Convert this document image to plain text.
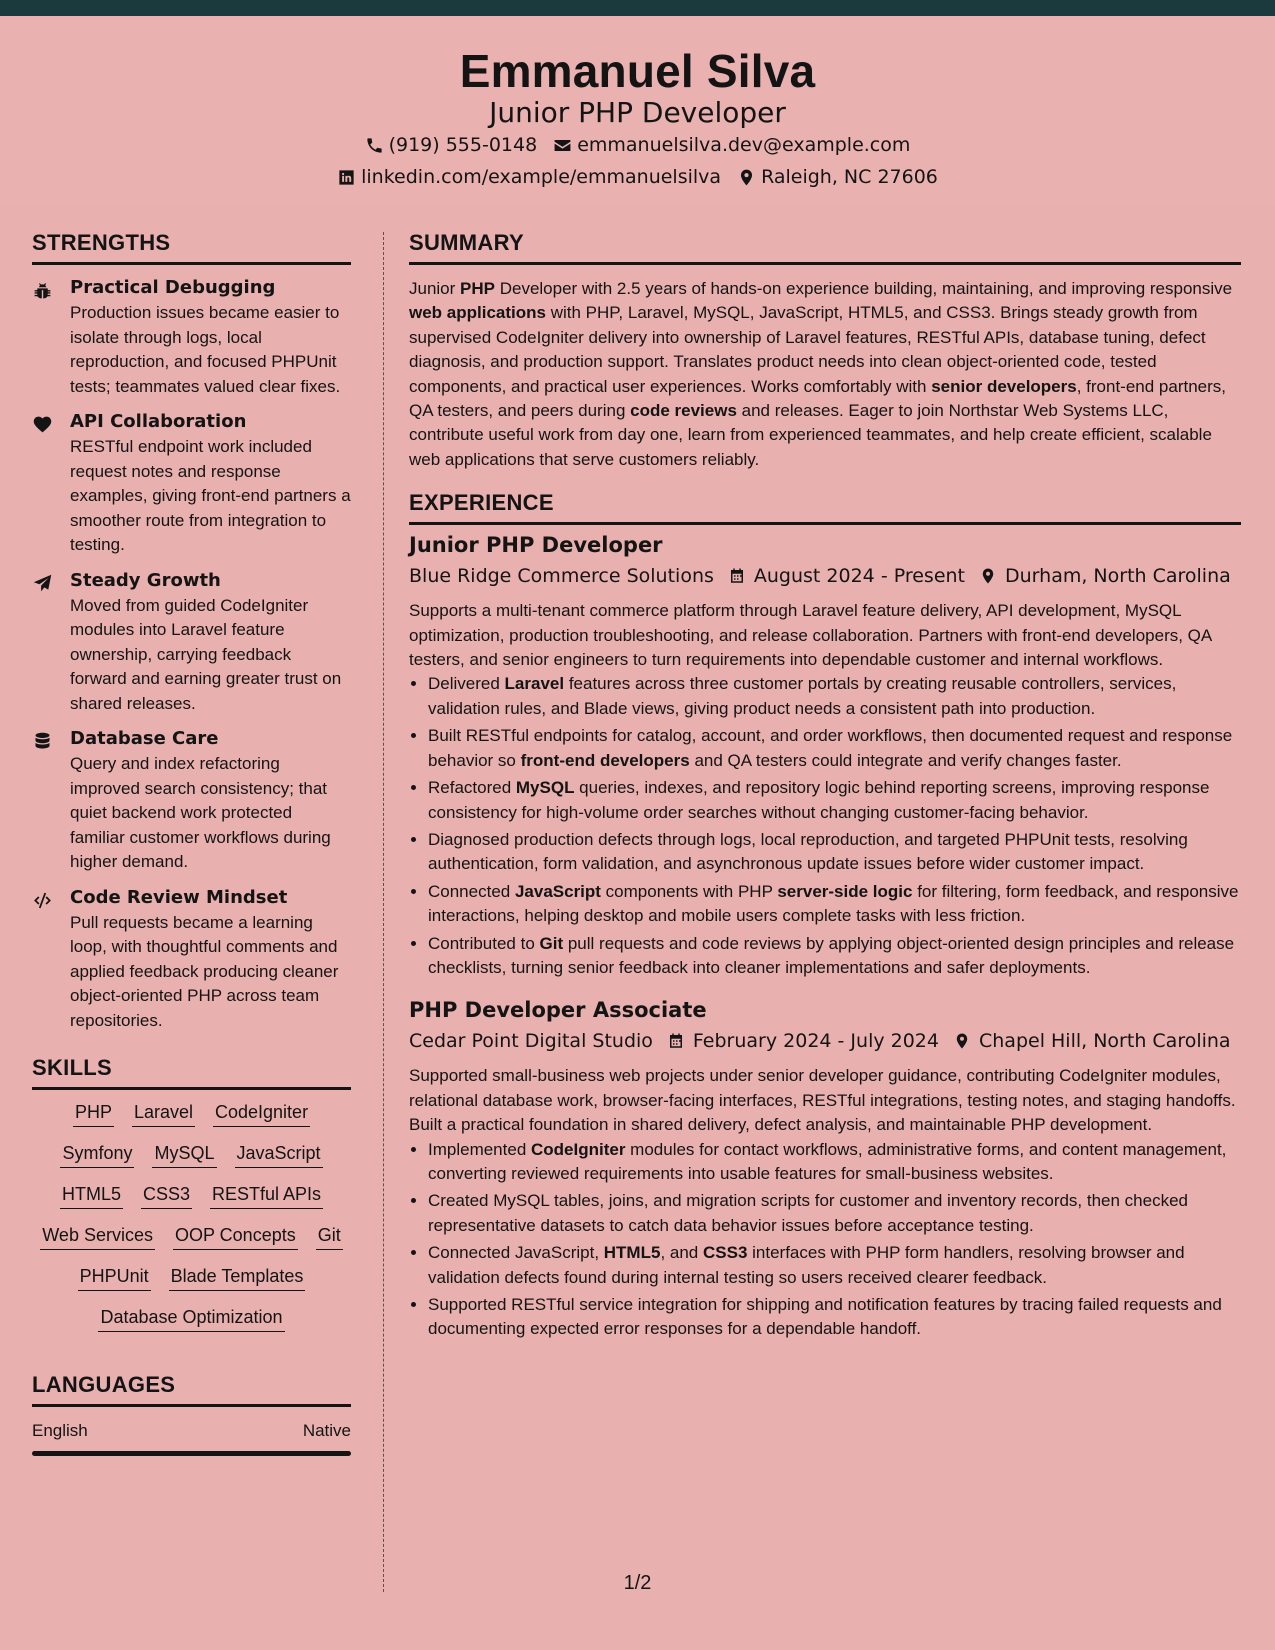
Emmanuel Silva
Junior PHP Developer
(919) 555-0148 emmanuelsilva.dev@example.com
linkedin.com/example/emmanuelsilva Raleigh, NC 27606
STRENGTHS
Practical Debugging
Production issues became easier to isolate through logs, local reproduction, and focused PHPUnit tests; teammates valued clear fixes.
API Collaboration
RESTful endpoint work included request notes and response examples, giving front-end partners a smoother route from integration to testing.
Steady Growth
Moved from guided CodeIgniter modules into Laravel feature ownership, carrying feedback forward and earning greater trust on shared releases.
Database Care
Query and index refactoring improved search consistency; that quiet backend work protected familiar customer workflows during higher demand.
Code Review Mindset
Pull requests became a learning loop, with thoughtful comments and applied feedback producing cleaner object-oriented PHP across team repositories.
SKILLS
PHP Laravel CodeIgniter
Symfony MySQL JavaScript
HTML5 CSS3 RESTful APIs
Web Services OOP Concepts Git
PHPUnit Blade Templates
Database Optimization
LANGUAGES
English	Native
SUMMARY
Junior PHP Developer with 2.5 years of hands-on experience building, maintaining, and improving responsive web applications with PHP, Laravel, MySQL, JavaScript, HTML5, and CSS3. Brings steady growth from supervised CodeIgniter delivery into ownership of Laravel features, RESTful APIs, database tuning, defect diagnosis, and production support. Translates product needs into clean object-oriented code, tested components, and practical user experiences. Works comfortably with senior developers, front-end partners, QA testers, and peers during code reviews and releases. Eager to join Northstar Web Systems LLC, contribute useful work from day one, learn from experienced teammates, and help create efficient, scalable web applications that serve customers reliably.
EXPERIENCE
Junior PHP Developer
Blue Ridge Commerce Solutions August 2024 - Present Durham, North Carolina
Supports a multi-tenant commerce platform through Laravel feature delivery, API development, MySQL optimization, production troubleshooting, and release collaboration. Partners with front-end developers, QA testers, and senior engineers to turn requirements into dependable customer and internal workflows.
• Delivered Laravel features across three customer portals by creating reusable controllers, services, validation rules, and Blade views, giving product needs a consistent path into production.
• Built RESTful endpoints for catalog, account, and order workflows, then documented request and response behavior so front-end developers and QA testers could integrate and verify changes faster.
• Refactored MySQL queries, indexes, and repository logic behind reporting screens, improving response consistency for high-volume order searches without changing customer-facing behavior.
• Diagnosed production defects through logs, local reproduction, and targeted PHPUnit tests, resolving authentication, form validation, and asynchronous update issues before wider customer impact.
• Connected JavaScript components with PHP server-side logic for filtering, form feedback, and responsive interactions, helping desktop and mobile users complete tasks with less friction.
• Contributed to Git pull requests and code reviews by applying object-oriented design principles and release checklists, turning senior feedback into cleaner implementations and safer deployments.
PHP Developer Associate
Cedar Point Digital Studio February 2024 - July 2024 Chapel Hill, North Carolina
Supported small-business web projects under senior developer guidance, contributing CodeIgniter modules, relational database work, browser-facing interfaces, RESTful integrations, testing notes, and staging handoffs. Built a practical foundation in shared delivery, defect analysis, and maintainable PHP development.
• Implemented CodeIgniter modules for contact workflows, administrative forms, and content management, converting reviewed requirements into usable features for small-business websites.
• Created MySQL tables, joins, and migration scripts for customer and inventory records, then checked representative datasets to catch data behavior issues before acceptance testing.
• Connected JavaScript, HTML5, and CSS3 interfaces with PHP form handlers, resolving browser and validation defects found during internal testing so users received clearer feedback.
• Supported RESTful service integration for shipping and notification features by tracing failed requests and documenting expected error responses for a dependable handoff.
1/2
